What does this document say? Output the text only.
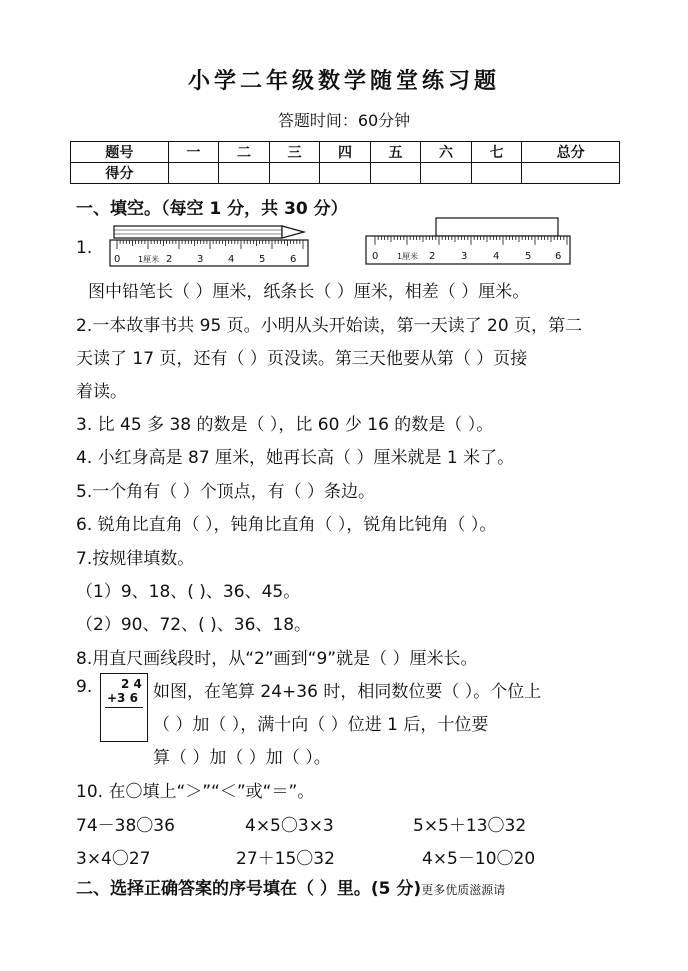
小学二年级数学随堂练习题
答题时间：60分钟
题号	一	二	三	四	五	六	七	总分
得分								
一、填空。（每空 1 分，共 30 分）
1.
0 1厘米 2 3 4 5 6	0 1厘米 2	3	4	5 6
图中铅笔长（ ）厘米，纸条长（ ）厘米，相差（ ）厘米。
2.一本故事书共 95 页。小明从头开始读，第一天读了 20 页，第二
天读了 17 页，还有（ ）页没读。第三天他要从第（ ）页接
着读。
3. 比 45 多 38 的数是（ ），比 60 少 16 的数是（ ）。
4. 小红身高是 87 厘米，她再长高（ ）厘米就是 1 米了。
5.一个角有（ ）个顶点，有（ ）条边。
6. 锐角比直角（ ），钝角比直角（ ），锐角比钝角（ ）。
7.按规律填数。
（1）9、18、( )、36、45。
（2）90、72、( )、36、18。
8.用直尺画线段时，从“2”画到“9”就是（ ）厘米长。
9. 2 4
+3 6 如图，在笔算 24+36 时，相同数位要（ ）。个位上
（ ）加（ ），满十向（ ）位进 1 后，十位要
算（ ）加（ ）加（ ）。
10. 在〇填上“＞”“＜”或“＝”。
74－38〇36	4×5〇3×3	5×5＋13〇32
3×4〇27	27＋15〇32	4×5－10〇20
二、选择正确答案的序号填在（ ）里。(5 分)更多优质滋源请
